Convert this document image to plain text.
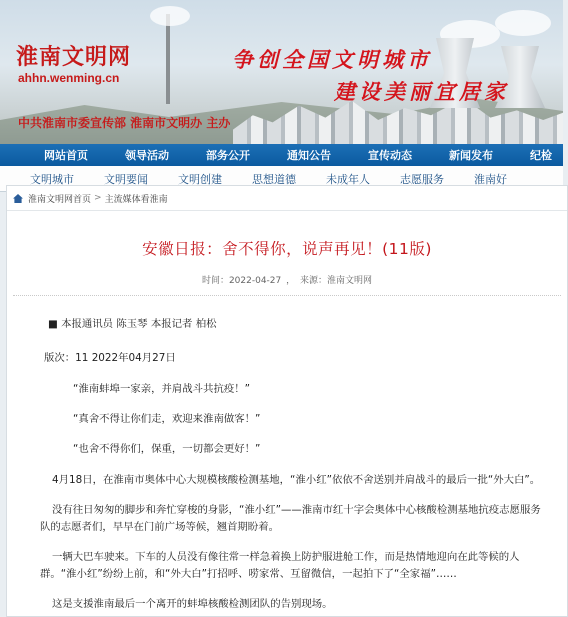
淮南文明网
ahhn.wenming.cn
争创全国文明城市
建设美丽宜居家
中共淮南市委宣传部 淮南市文明办 主办
网站首页	领导活动	部务公开	通知公告	宣传动态	新闻发布	纪检
文明城市	文明要闻	文明创建	思想道德	未成年人	志愿服务	淮南好
淮南文明网首页 > 主流媒体看淮南
安徽日报：舍不得你，说声再见！(11版)
时间：2022-04-27 ， 来源：淮南文明网

■ 本报通讯员 陈玉琴 本报记者 柏松

版次：11 2022年04月27日

“淮南蚌埠一家亲，并肩战斗共抗疫！”

“真舍不得让你们走，欢迎来淮南做客！”

“也舍不得你们，保重，一切都会更好！”

4月18日，在淮南市奥体中心大规模核酸检测基地，“淮小红”依依不舍送别并肩战斗的最后一批“外大白”。

没有往日匆匆的脚步和奔忙穿梭的身影，“淮小红”——淮南市红十字会奥体中心核酸检测基地抗疫志愿服务队的志愿者们，早早在门前广场等候，翘首期盼着。

一辆大巴车驶来。下车的人员没有像往常一样急着换上防护服进舱工作，而是热情地迎向在此等候的人群。“淮小红”纷纷上前，和“外大白”打招呼、唠家常、互留微信，一起拍下了“全家福”……

这是支援淮南最后一个离开的蚌埠核酸检测团队的告别现场。
